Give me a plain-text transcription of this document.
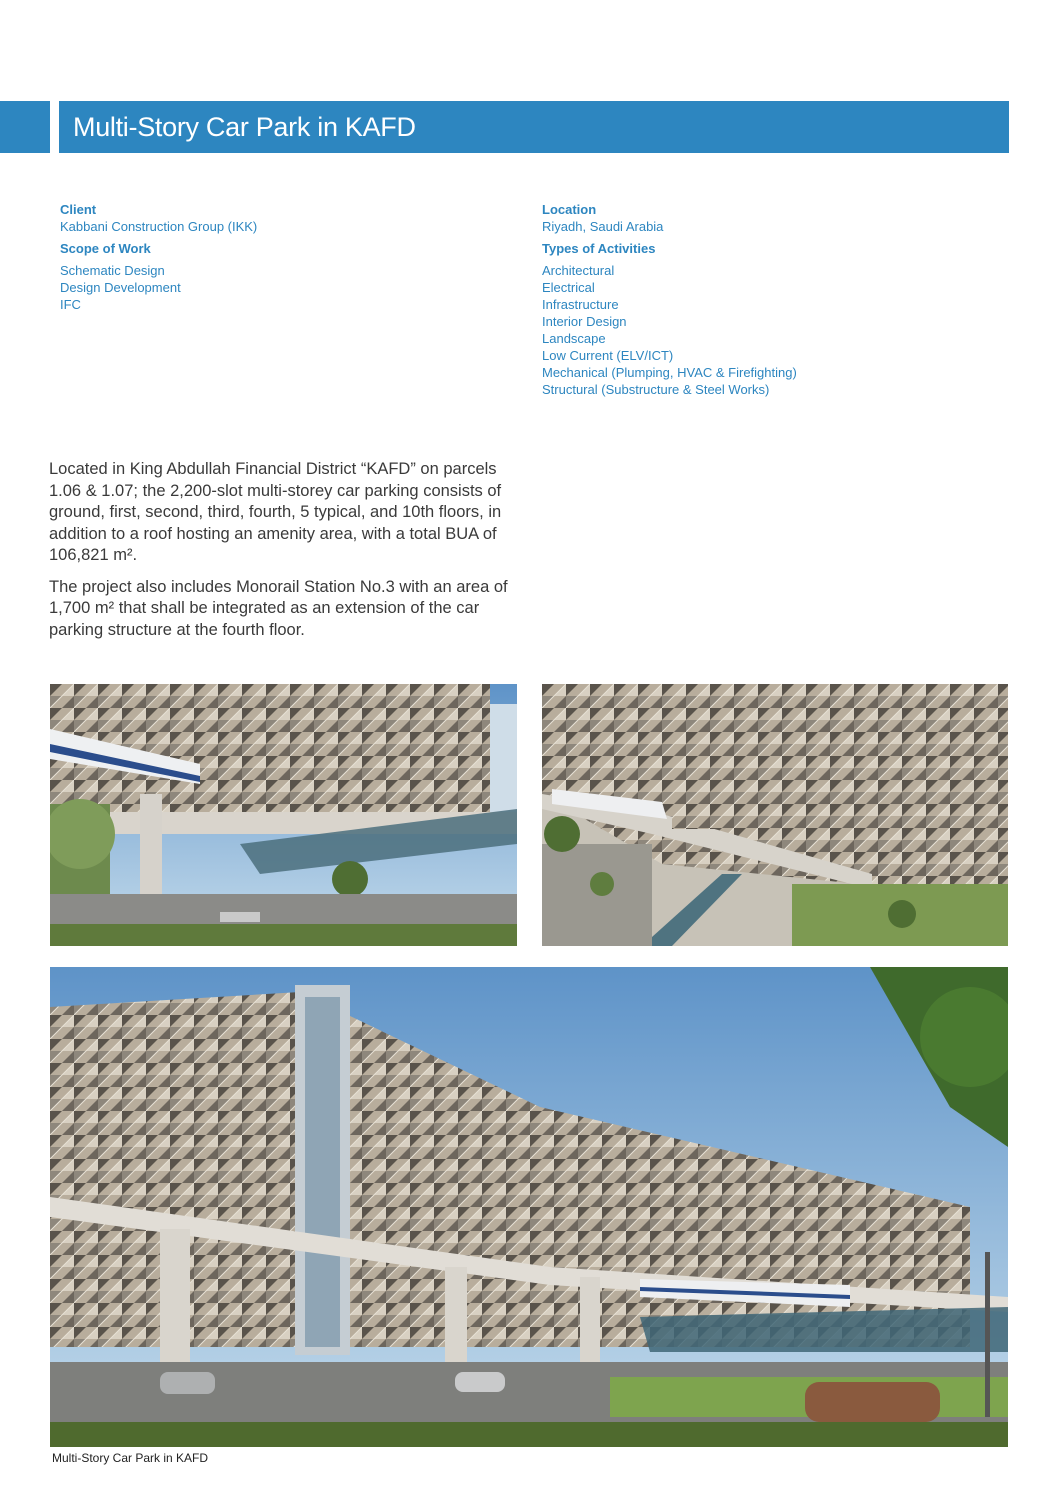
Multi-Story Car Park in KAFD
Client
Kabbani Construction Group (IKK)
Scope of Work
Schematic Design
Design Development
IFC
Location
Riyadh, Saudi Arabia
Types of Activities
Architectural
Electrical
Infrastructure
Interior Design
Landscape
Low Current (ELV/ICT)
Mechanical (Plumping, HVAC & Firefighting)
Structural (Substructure & Steel Works)

Located in King Abdullah Financial District “KAFD” on parcels 1.06 & 1.07; the 2,200-slot multi-storey car parking consists of ground, first, second, third, fourth, 5 typical, and 10th floors, in addition to a roof hosting an amenity area, with a total BUA of 106,821 m².

The project also includes Monorail Station No.3 with an area of 1,700 m² that shall be integrated as an extension of the car parking structure at the fourth floor.

Multi-Story Car Park in KAFD
